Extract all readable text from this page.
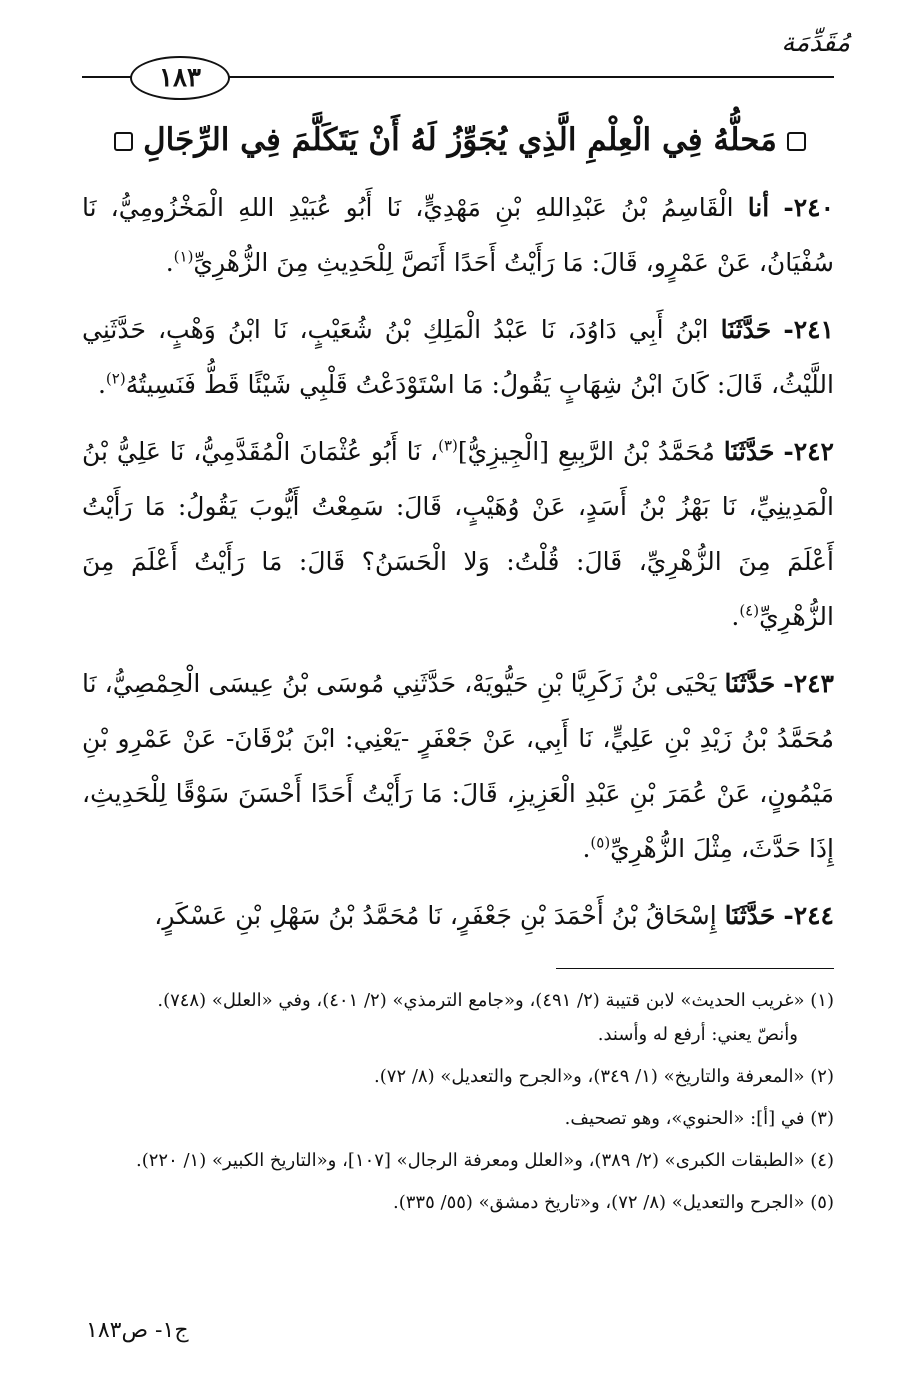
مُقَدِّمَة
١٨٣
مَحلُّهُ فِي الْعِلْمِ الَّذِي يُجَوِّزُ لَهُ أَنْ يَتَكَلَّمَ فِي الرِّجَالِ

٢٤٠- أنا الْقَاسِمُ بْنُ عَبْدِاللهِ بْنِ مَهْدِيٍّ، نَا أَبُو عُبَيْدِ اللهِ الْمَخْزُومِيُّ، نَا سُفْيَانُ، عَنْ عَمْرٍو، قَالَ: مَا رَأَيْتُ أَحَدًا أَنَصَّ لِلْحَدِيثِ مِنَ الزُّهْرِيِّ$^{(١)}$.

٢٤١- حَدَّثَنَا ابْنُ أَبِي دَاوُدَ، نَا عَبْدُ الْمَلِكِ بْنُ شُعَيْبٍ، نَا ابْنُ وَهْبٍ، حَدَّثَنِي اللَّيْثُ، قَالَ: كَانَ ابْنُ شِهَابٍ يَقُولُ: مَا اسْتَوْدَعْتُ قَلْبِي شَيْئًا قَطُّ فَنَسِيتُهُ$^{(٢)}$.

٢٤٢- حَدَّثَنَا مُحَمَّدُ بْنُ الرَّبِيعِ [الْجِيزِيُّ]$^{(٣)}$، نَا أَبُو عُثْمَانَ الْمُقَدَّمِيُّ، نَا عَلِيُّ بْنُ الْمَدِينِيِّ، نَا بَهْزُ بْنُ أَسَدٍ، عَنْ وُهَيْبٍ، قَالَ: سَمِعْتُ أَيُّوبَ يَقُولُ: مَا رَأَيْتُ أَعْلَمَ مِنَ الزُّهْرِيِّ، قَالَ: قُلْتُ: وَلا الْحَسَنُ؟ قَالَ: مَا رَأَيْتُ أَعْلَمَ مِنَ الزُّهْرِيِّ$^{(٤)}$.

٢٤٣- حَدَّثَنَا يَحْيَى بْنُ زَكَرِيَّا بْنِ حَيُّويَهْ، حَدَّثَنِي مُوسَى بْنُ عِيسَى الْحِمْصِيُّ، نَا مُحَمَّدُ بْنُ زَيْدِ بْنِ عَلِيٍّ، نَا أَبِي، عَنْ جَعْفَرٍ -يَعْنِي: ابْنَ بُرْقَانَ- عَنْ عَمْرِو بْنِ مَيْمُونٍ، عَنْ عُمَرَ بْنِ عَبْدِ الْعَزِيزِ، قَالَ: مَا رَأَيْتُ أَحَدًا أَحْسَنَ سَوْقًا لِلْحَدِيثِ، إِذَا حَدَّثَ، مِثْلَ الزُّهْرِيِّ$^{(٥)}$.

٢٤٤- حَدَّثَنَا إِسْحَاقُ بْنُ أَحْمَدَ بْنِ جَعْفَرٍ، نَا مُحَمَّدُ بْنُ سَهْلِ بْنِ عَسْكَرٍ،

(١) «غريب الحديث» لابن قتيبة (٢/ ٤٩١)، و«جامع الترمذي» (٢/ ٤٠١)، وفي «العلل» (٧٤٨).
وأنصّ يعني: أرفع له وأسند.
(٢) «المعرفة والتاريخ» (١/ ٣٤٩)، و«الجرح والتعديل» (٨/ ٧٢).
(٣) في [أ]: «الحنوي»، وهو تصحيف.
(٤) «الطبقات الكبرى» (٢/ ٣٨٩)، و«العلل ومعرفة الرجال» [١٠٧]، و«التاريخ الكبير» (١/ ٢٢٠).
(٥) «الجرح والتعديل» (٨/ ٧٢)، و«تاريخ دمشق» (٥٥/ ٣٣٥).
ج١- ص١٨٣
